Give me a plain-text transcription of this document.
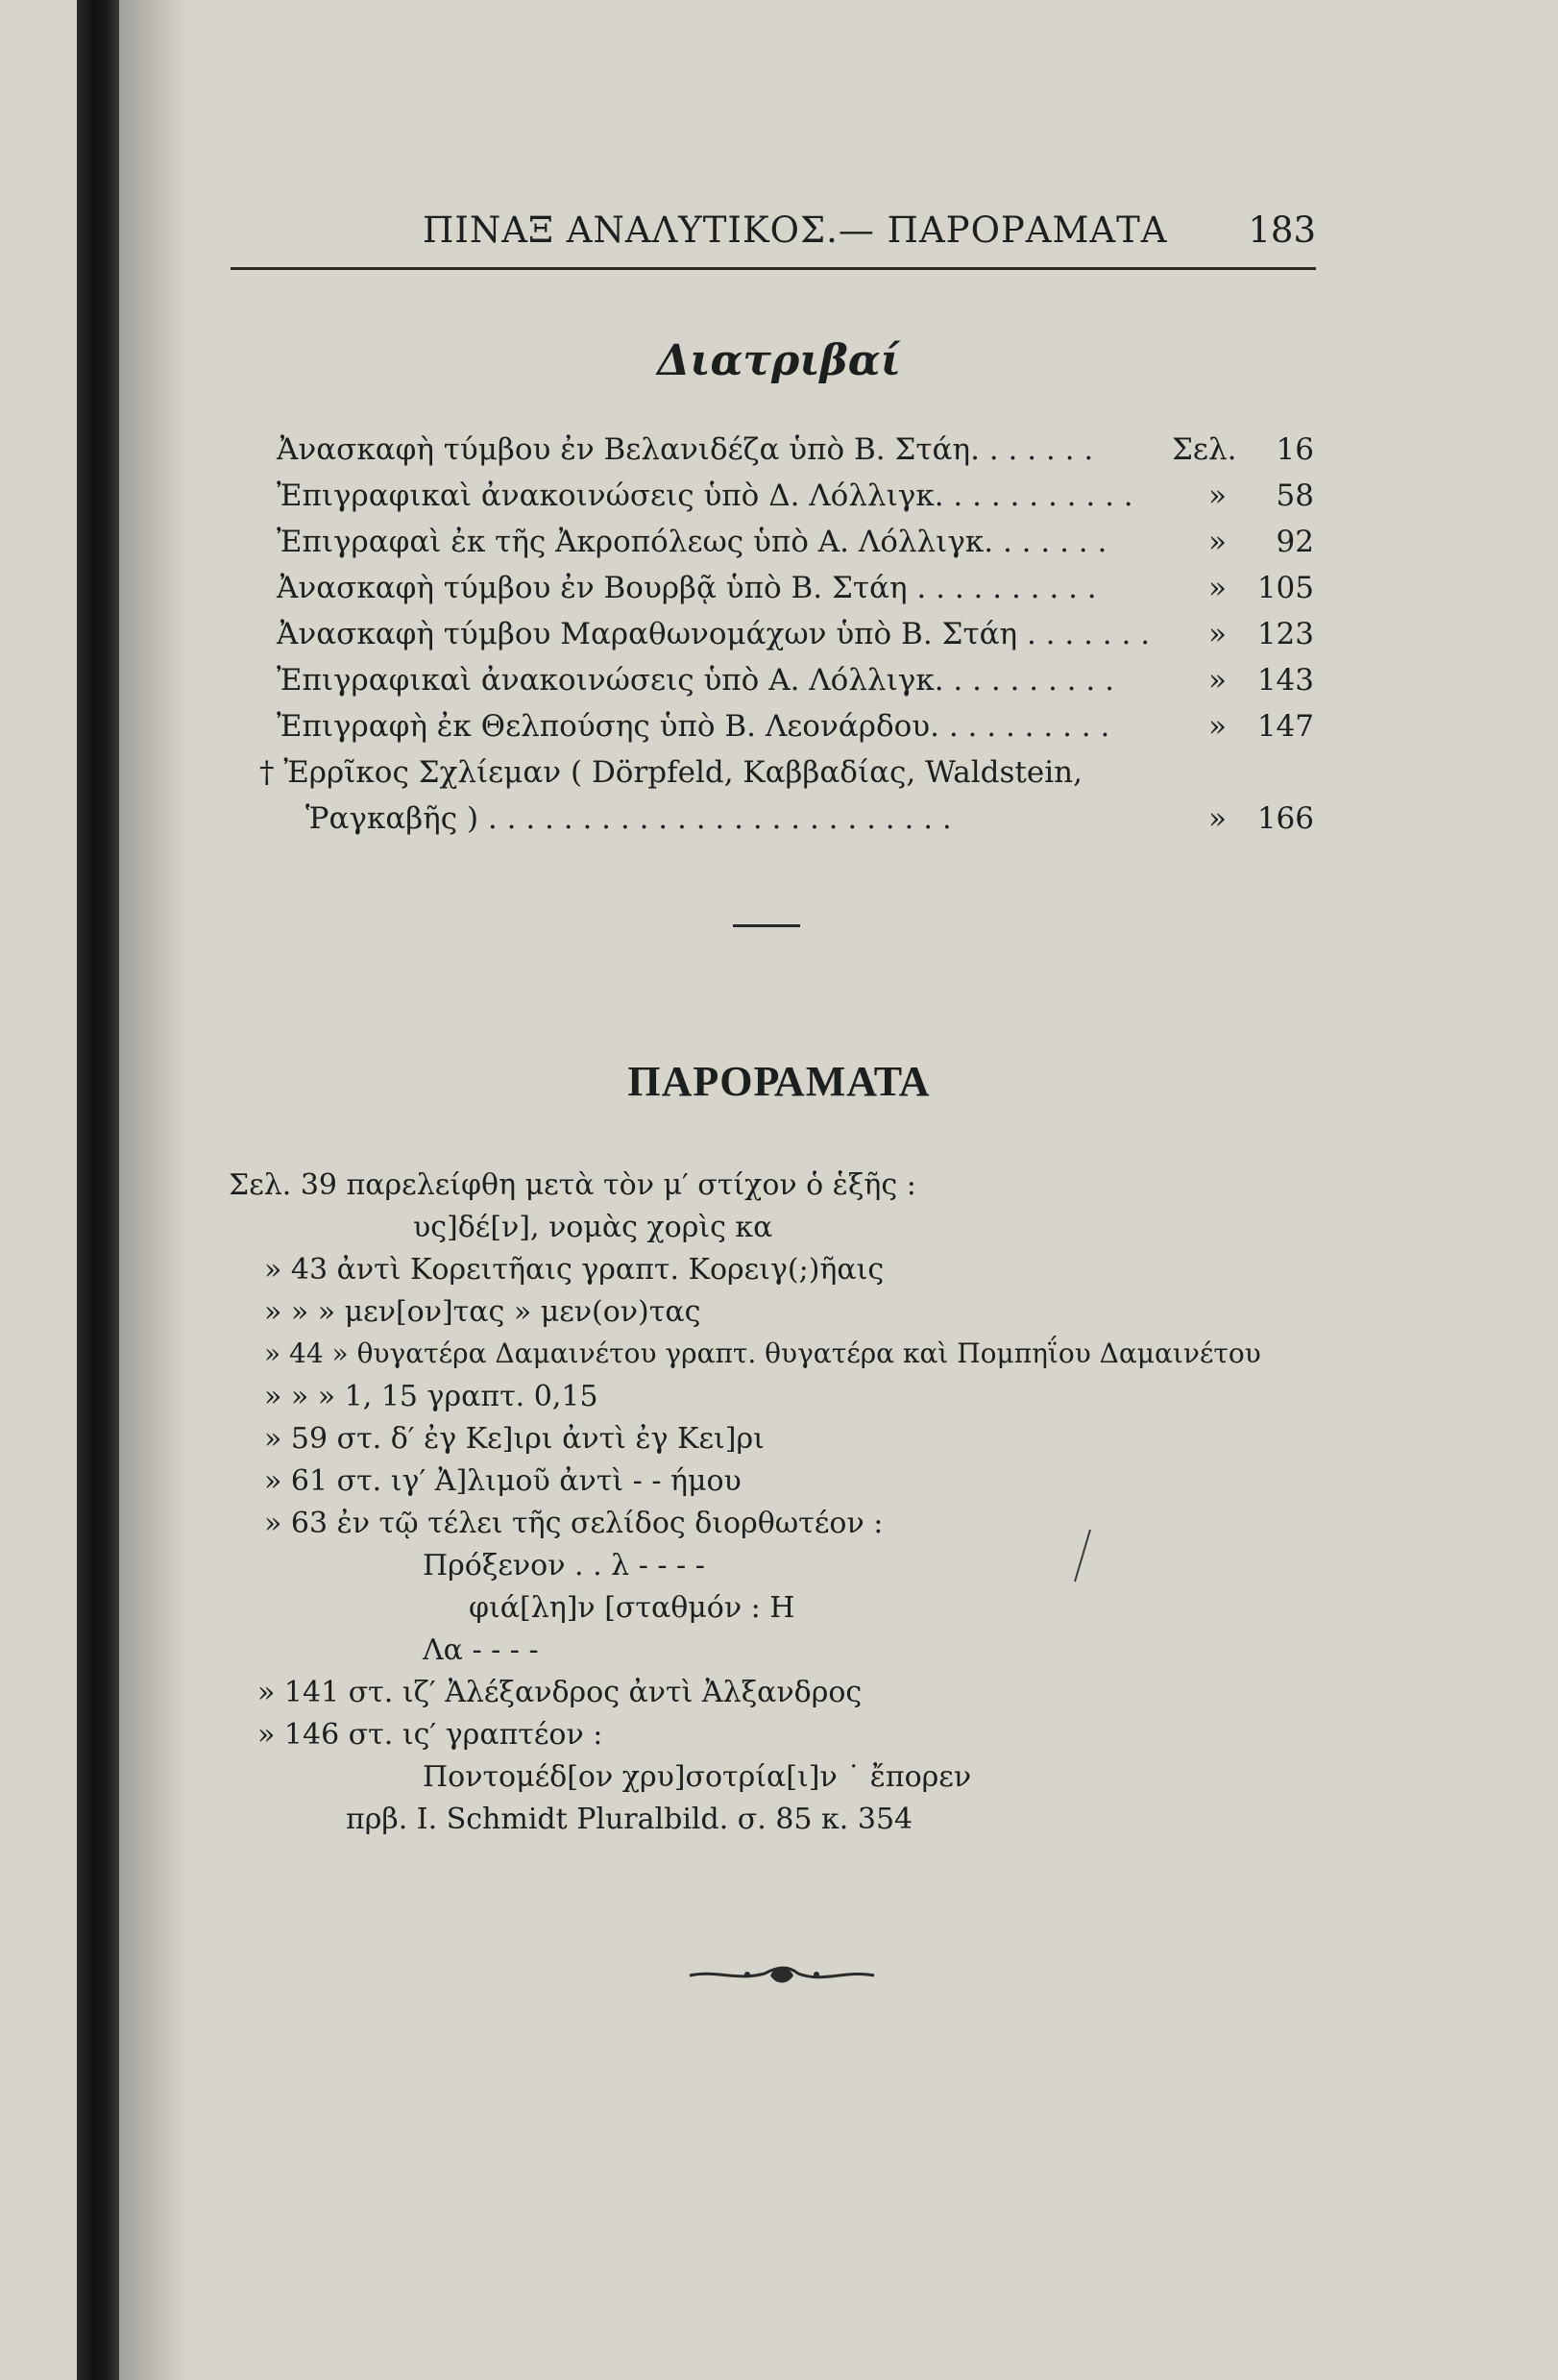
ΠΙΝΑΞ ΑΝΑΛΥΤΙΚΟΣ.— ΠΑΡΟΡΑΜΑΤΑ 183
Διατριβαί
Ἀνασκαφὴ τύμβου ἐν Βελανιδέζα ὑπὸ Β. Στάη. . . . . . .	Σελ.	16
Ἐπιγραφικαὶ ἀνακοινώσεις ὑπὸ Δ. Λόλλιγκ. . . . . . . . . . .	»	58
Ἐπιγραφαὶ ἐκ τῆς Ἀκροπόλεως ὑπὸ Α. Λόλλιγκ. . . . . . .	»	92
Ἀνασκαφὴ τύμβου ἐν Βουρβᾷ ὑπὸ Β. Στάη . . . . . . . . . .	»	105
Ἀνασκαφὴ τύμβου Μαραθωνομάχων ὑπὸ Β. Στάη . . . . . . . »	123
Ἐπιγραφικαὶ ἀνακοινώσεις ὑπὸ Α. Λόλλιγκ. . . . . . . . . .	»	143
Ἐπιγραφὴ ἐκ Θελπούσης ὑπὸ Β. Λεονάρδου. . . . . . . . . .	»	147
† Ἐρρῖκος Σχλίεμαν ( Dörpfeld, Καββαδίας, Waldstein,
Ῥαγκαβῆς ) . . . . . . . . . . . . . . . . . . . . . . . . .	»	166
ΠΑΡΟΡΑΜΑΤΑ
Σελ. 39 παρελείφθη μετὰ τὸν μ′ στίχον ὁ ἑξῆς :
υς]δέ[ν], νομὰς χορὶς κα
» 43 ἀντὶ Κορειτῆαις γραπτ. Κορειγ(;)ῆαις
» » » μεν[ον]τας » μεν(ον)τας
» 44 » θυγατέρα Δαμαινέτου γραπτ. θυγατέρα καὶ Πομπηΐου Δαμαινέτου
» » » 1, 15 γραπτ. 0,15
» 59 στ. δ′ ἐγ Κε]ιρι ἀντὶ ἐγ Κει]ρι
» 61 στ. ιγ′ Ἀ]λιμοῦ ἀντὶ - - ήμου
» 63 ἐν τῷ τέλει τῆς σελίδος διορθωτέον :
Πρόξενον . . λ - - - -
φιά[λη]ν [σταθμόν : Η
Λα - - - -
» 141 στ. ιζ′ Ἀλέξανδρος ἀντὶ Ἀλξανδρος
» 146 στ. ις′ γραπτέον :
Ποντομέδ[ον χρυ]σοτρία[ι]ν ˙ ἔπορεν
πρβ. I. Schmidt Pluralbild. σ. 85 κ. 354
